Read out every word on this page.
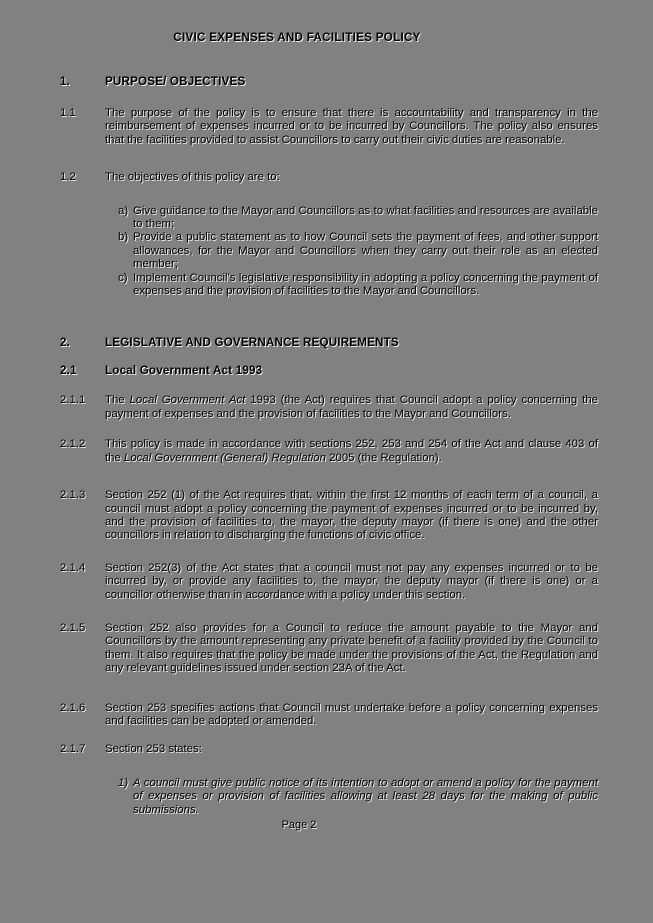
CIVIC EXPENSES AND FACILITIES POLICY
1.	PURPOSE/ OBJECTIVES
1.1	The purpose of the policy is to ensure that there is accountability and transparency in the reimbursement of expenses incurred or to be incurred by Councillors. The policy also ensures that the facilities provided to assist Councillors to carry out their civic duties are reasonable.
1.2	The objectives of this policy are to:
a) Give guidance to the Mayor and Councillors as to what facilities and resources are available to them;
b) Provide a public statement as to how Council sets the payment of fees, and other support allowances, for the Mayor and Councillors when they carry out their role as an elected member;
c) Implement Council's legislative responsibility in adopting a policy concerning the payment of expenses and the provision of facilities to the Mayor and Councillors.
2.	LEGISLATIVE AND GOVERNANCE REQUIREMENTS
2.1	Local Government Act 1993
2.1.1	The Local Government Act 1993 (the Act) requires that Council adopt a policy concerning the payment of expenses and the provision of facilities to the Mayor and Councillors.
2.1.2	This policy is made in accordance with sections 252, 253 and 254 of the Act and clause 403 of the Local Government (General) Regulation 2005 (the Regulation).
2.1.3	Section 252 (1) of the Act requires that, within the first 12 months of each term of a council, a council must adopt a policy concerning the payment of expenses incurred or to be incurred by, and the provision of facilities to, the mayor, the deputy mayor (if there is one) and the other councillors in relation to discharging the functions of civic office.
2.1.4	Section 252(3) of the Act states that a council must not pay any expenses incurred or to be incurred by, or provide any facilities to, the mayor, the deputy mayor (if there is one) or a councillor otherwise than in accordance with a policy under this section.
2.1.5	Section 252 also provides for a Council to reduce the amount payable to the Mayor and Councillors by the amount representing any private benefit of a facility provided by the Council to them. It also requires that the policy be made under the provisions of the Act, the Regulation and any relevant guidelines issued under section 23A of the Act.
2.1.6	Section 253 specifies actions that Council must undertake before a policy concerning expenses and facilities can be adopted or amended.
2.1.7	Section 253 states:
1) A council must give public notice of its intention to adopt or amend a policy for the payment of expenses or provision of facilities allowing at least 28 days for the making of public submissions.
Page 2
